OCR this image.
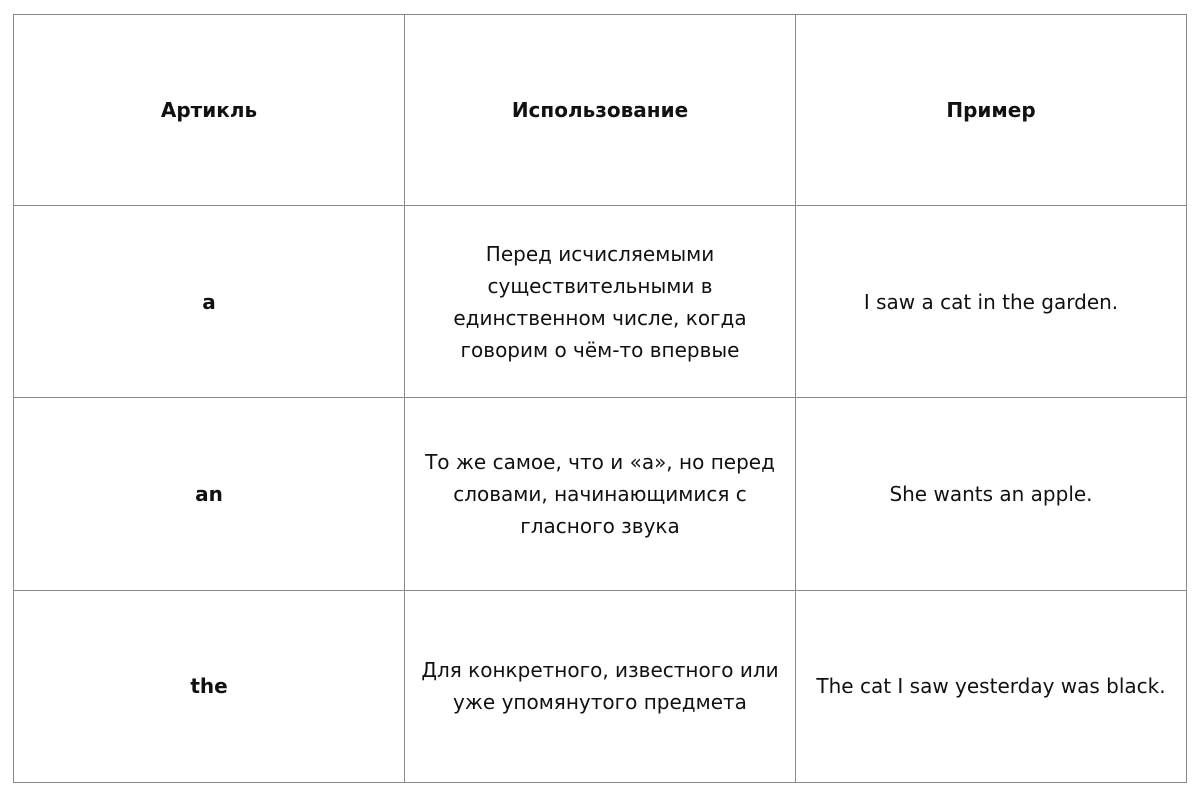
Артикль	Использование	Пример
a	Перед исчисляемыми существительными в единственном числе, когда говорим о чём-то впервые	I saw a cat in the garden.
an	То же самое, что и «a», но перед словами, начинающимися с гласного звука	She wants an apple.
the	Для конкретного, известного или уже упомянутого предмета	The cat I saw yesterday was black.
